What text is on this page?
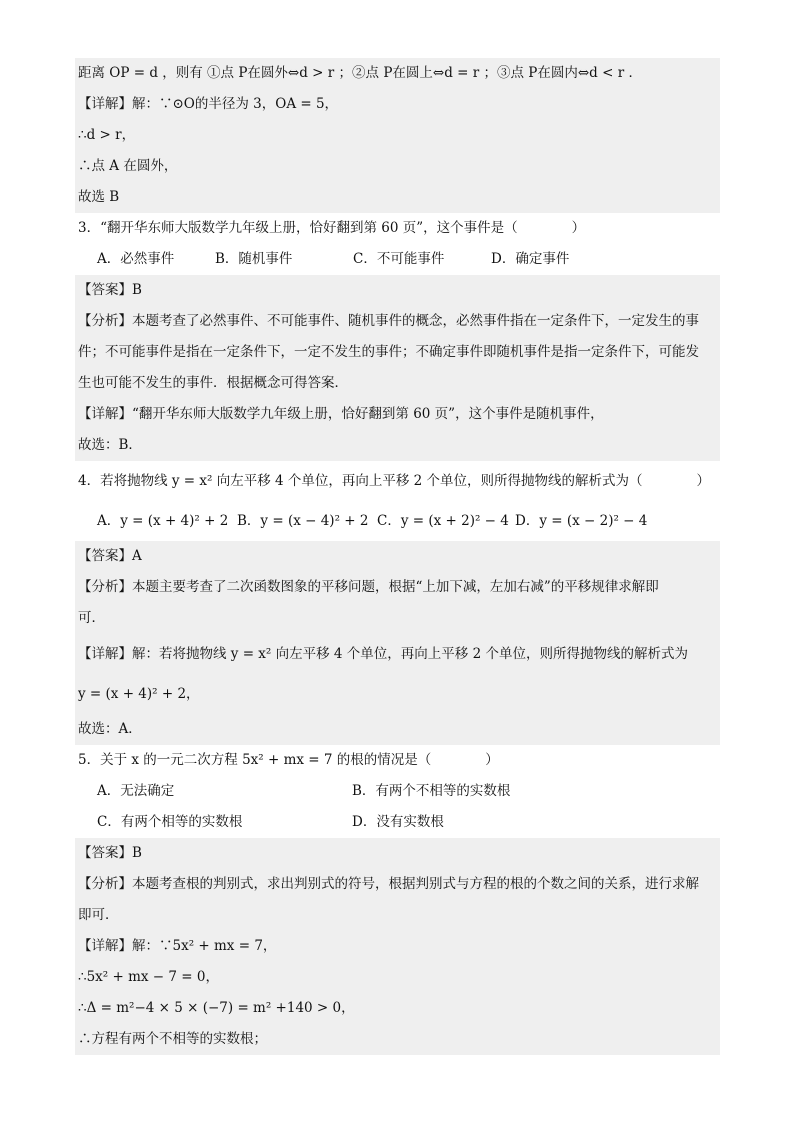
距离 OP = d ，则有 ①点 P在圆外⇔d > r ；②点 P在圆上⇔d = r ；③点 P在圆内⇔d < r ．
【详解】解：∵⊙O的半径为 3，OA = 5，
∴d > r，
∴点 A 在圆外，
故选 B
3．“翻开华东师大版数学九年级上册，恰好翻到第 60 页”，这个事件是（　　　　）
A．必然事件	B．随机事件	C．不可能事件	D．确定事件
【答案】B
【分析】本题考查了必然事件、不可能事件、随机事件的概念，必然事件指在一定条件下，一定发生的事
件；不可能事件是指在一定条件下，一定不发生的事件；不确定事件即随机事件是指一定条件下，可能发
生也可能不发生的事件．根据概念可得答案．
【详解】“翻开华东师大版数学九年级上册，恰好翻到第 60 页”，这个事件是随机事件，
故选：B．
4．若将抛物线 y = x² 向左平移 4 个单位，再向上平移 2 个单位，则所得抛物线的解析式为（　　　　）
A．y = (x + 4)² + 2 B．y = (x − 4)² + 2 C．y = (x + 2)² − 4 D．y = (x − 2)² − 4
【答案】A
【分析】本题主要考查了二次函数图象的平移问题，根据“上加下减，左加右减”的平移规律求解即
可．
【详解】解：若将抛物线 y = x² 向左平移 4 个单位，再向上平移 2 个单位，则所得抛物线的解析式为
y = (x + 4)² + 2，
故选：A．
5．关于 x 的一元二次方程 5x² + mx = 7 的根的情况是（　　　　）
A．无法确定	B．有两个不相等的实数根
C．有两个相等的实数根	D．没有实数根
【答案】B
【分析】本题考查根的判别式，求出判别式的符号，根据判别式与方程的根的个数之间的关系，进行求解
即可．
【详解】解：∵5x² + mx = 7，
∴5x² + mx − 7 = 0，
∴Δ = m²−4 × 5 × (−7) = m² +140 > 0，
∴方程有两个不相等的实数根；
